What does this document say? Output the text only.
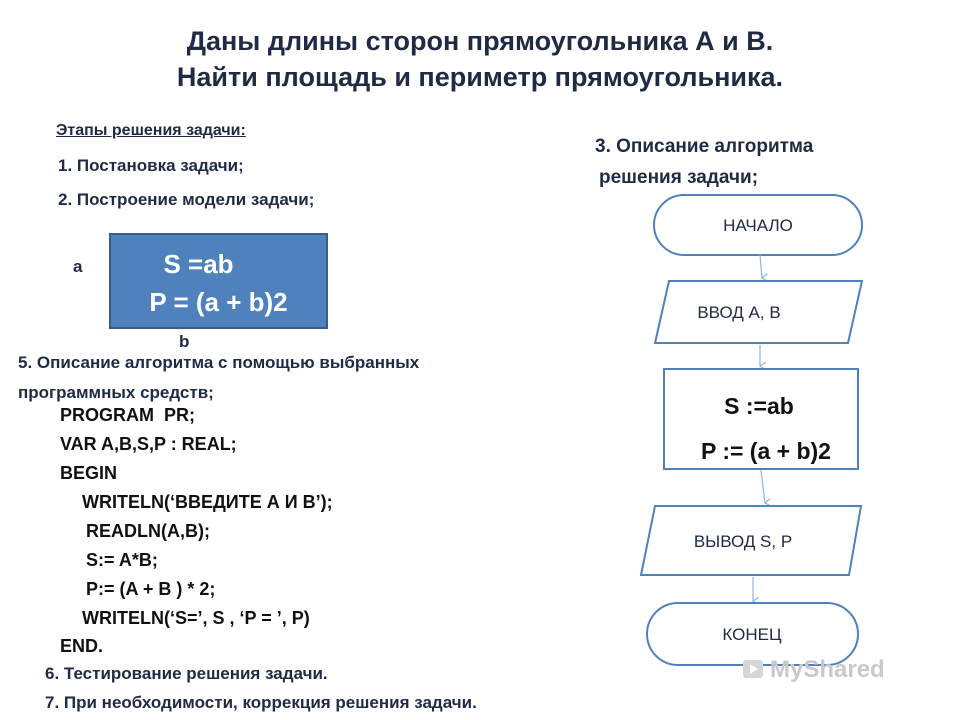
Даны длины сторон прямоугольника А и В.
Найти площадь и периметр прямоугольника.
Этапы решения задачи:
1. Постановка задачи;
2. Построение модели задачи;
3. Описание алгоритма
решения задачи;
S =ab
P = (a + b)2
a
b
5. Описание алгоритма с помощью выбранных
программных средств;
PROGRAM  PR;
VAR A,B,S,P : REAL;
BEGIN
WRITELN(‘ВВЕДИТЕ А И В’);
READLN(A,B);
S:= A*B;
P:= (A + B ) * 2;
WRITELN(‘S=’, S , ‘P = ’, P)
END.
6. Тестирование решения задачи.
7. При необходимости, коррекция решения задачи.
НАЧАЛО
ВВОД А, В
S :=ab
P := (a + b)2
ВЫВОД S, P
КОНЕЦ
MyShared
